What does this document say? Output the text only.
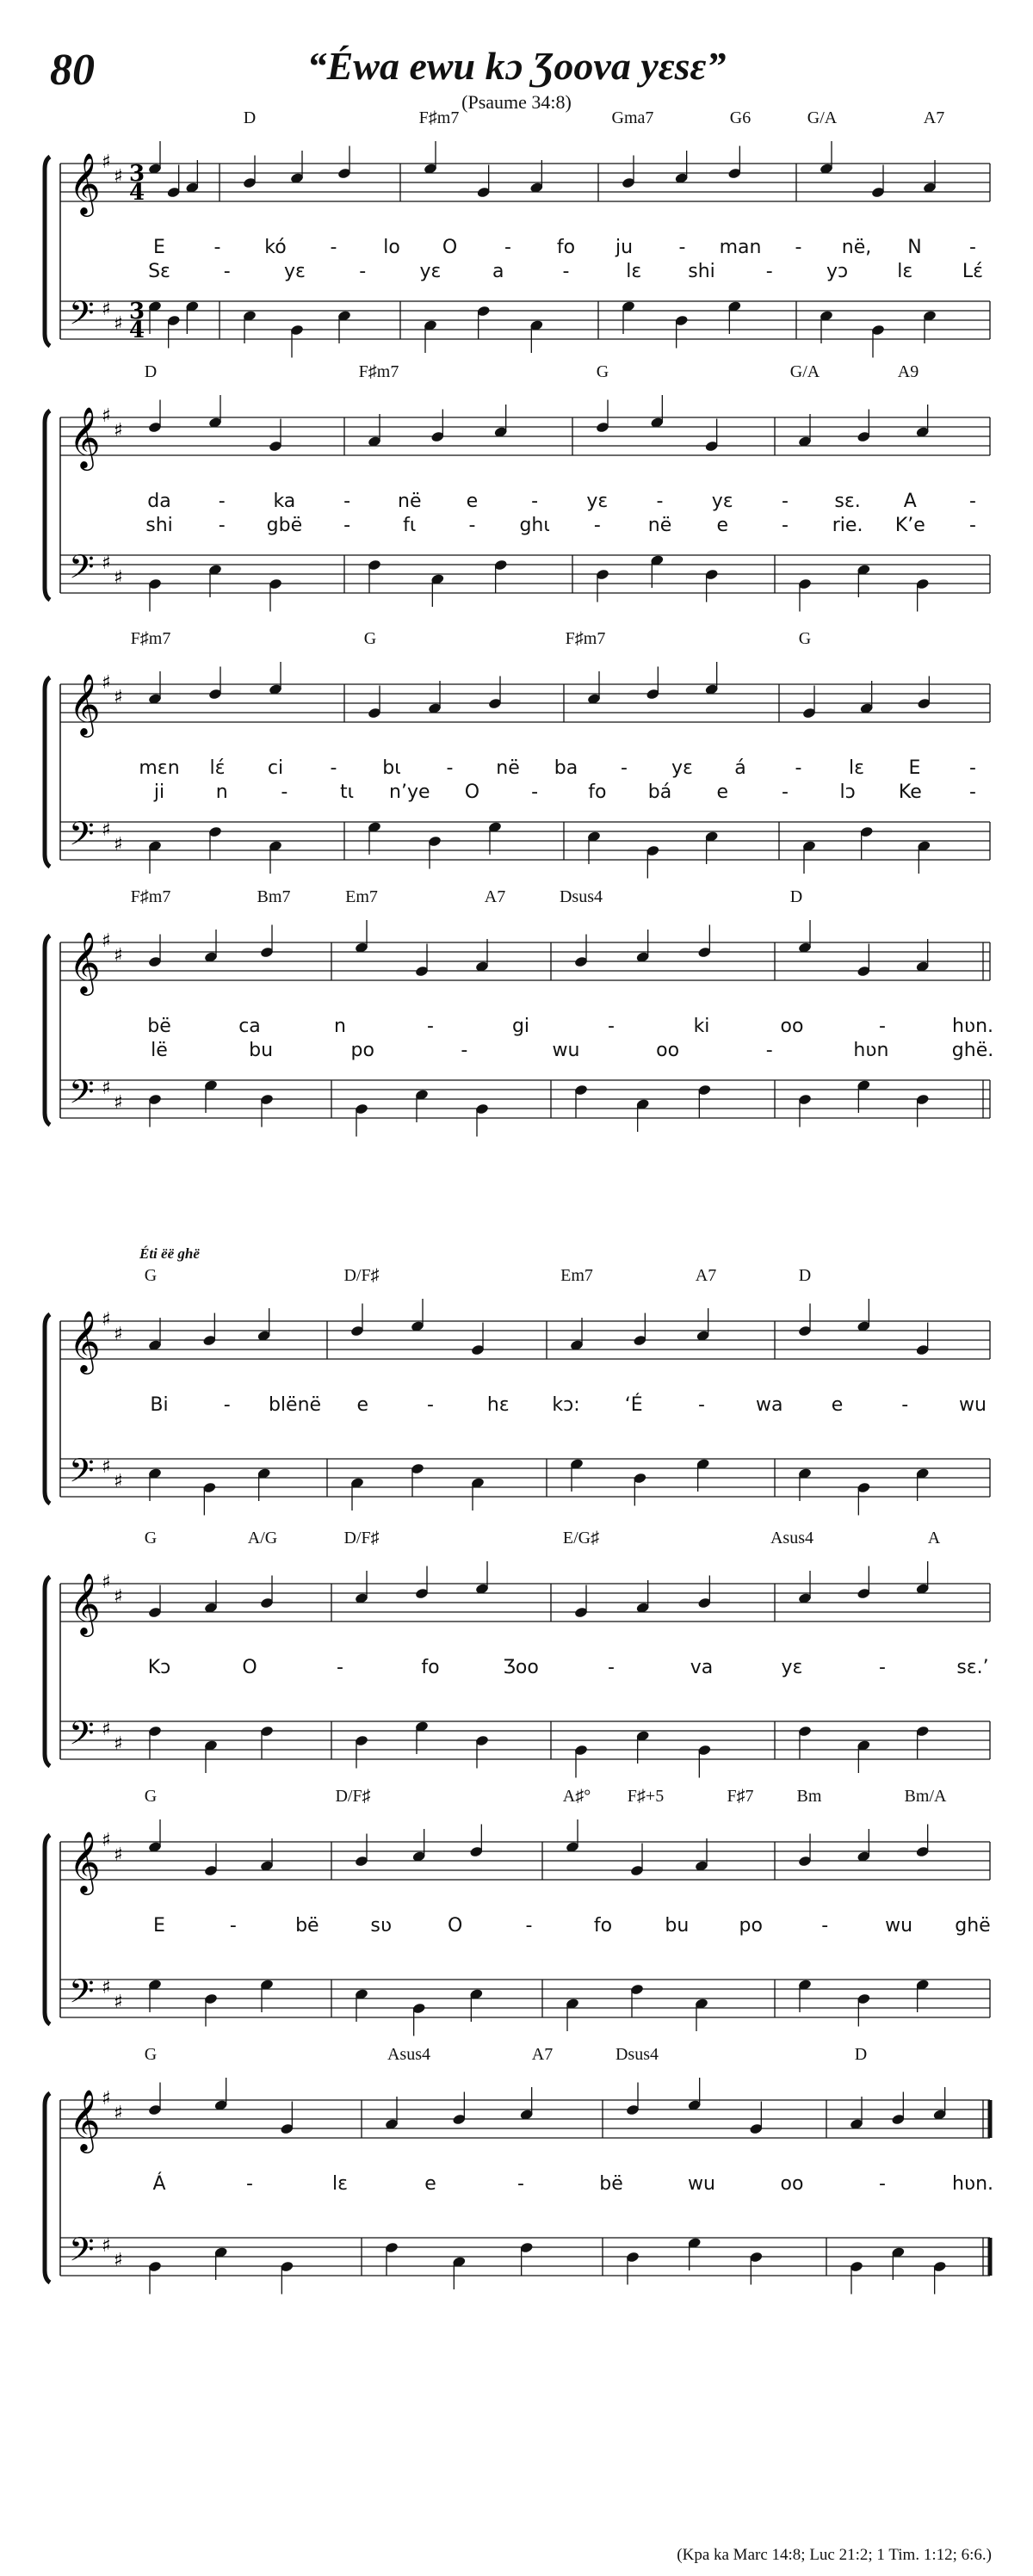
80	“Éwa ewu kɔ Ʒoova yɛsɛ”
(Psaume 34:8)
𝄞
𝄢
♯
♯
♯
♯
3
4
3
4
D	F♯m7	Gma7	G6	G/A	A7
E	- kó - lo O - fo ju - man - në, N	-
Sɛ	-	yɛ	-	yɛ	a	-	lɛ shi	-	yɔ	lɛ	Lɛ́
𝄞
𝄢
♯
♯
♯
♯
D	F♯m7	G	G/A	A9
da -	ka	- në e	-	yɛ	-	yɛ	- sɛ. A	-
shi - gbë -	fɩ	- ghɩ - në e	- rie. K’e -
𝄞
𝄢
♯
♯
♯
♯
F♯m7	G	F♯m7	G
mɛn lɛ́ ci - bɩ - në ba - yɛ á	- lɛ E	-
ji	n	-	tɩ n’ye O	-	fo bá e	-	lɔ Ke	-
𝄞
𝄢
♯
♯
♯
♯
F♯m7	Bm7	Em7	A7	Dsus4	D
bë	ca	n	-	gi	-	ki	oo	-	hʋn.
lë	bu	po	-	wu	oo	-	hʋn	ghë.
𝄞
𝄢
♯
♯
♯
♯
Éti ëë ghë
G	D/F♯	Em7	A7	D
Bi	- blënë e	-	hɛ kɔ: ‘É	-	wa	e	-	wu
𝄞
𝄢
♯
♯
♯
♯
G	A/G	D/F♯	E/G♯	Asus4	A
Kɔ	O	-	fo	Ʒoo	-	va	yɛ	-	sɛ.’
𝄞
𝄢
♯
♯
♯
♯
G	D/F♯	A♯° F♯+5	F♯7 Bm	Bm/A
E	-	bë	sʋ	O	-	fo	bu	po	-	wu ghë
𝄞
𝄢
♯
♯
♯
♯
G	Asus4	A7	Dsus4	D
Á	-	lɛ	e	-	bë	wu	oo	-	hʋn.
(Kpa ka Marc 14:8; Luc 21:2; 1 Tim. 1:12; 6:6.)
